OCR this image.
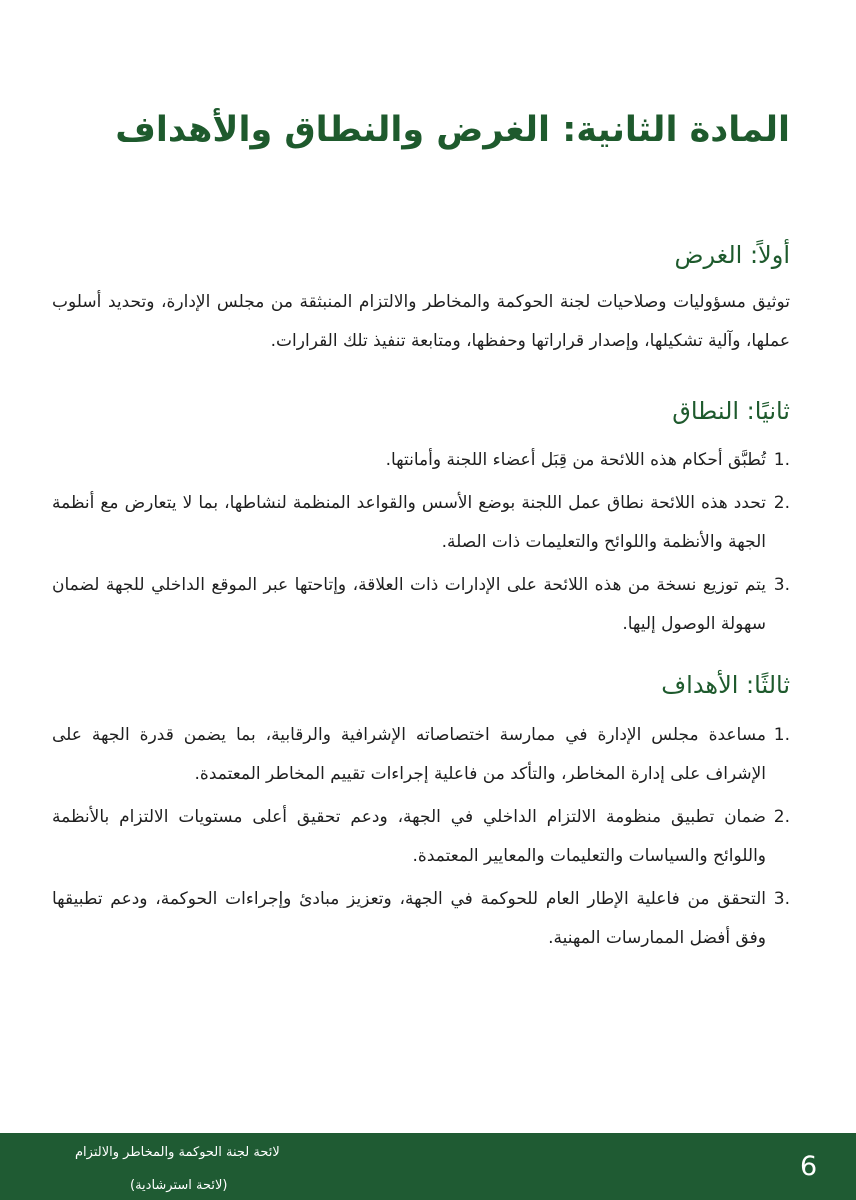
المادة الثانية: الغرض والنطاق والأهداف
أولاً: الغرض

توثيق مسؤوليات وصلاحيات لجنة الحوكمة والمخاطر والالتزام المنبثقة من مجلس الإدارة، وتحديد أسلوب عملها، وآلية تشكيلها، وإصدار قراراتها وحفظها، ومتابعة تنفيذ تلك القرارات.

ثانيًا: النطاق
1.
تُطبَّق أحكام هذه اللائحة من قِبَل أعضاء اللجنة وأمانتها.
2.
تحدد هذه اللائحة نطاق عمل اللجنة بوضع الأسس والقواعد المنظمة لنشاطها، بما لا يتعارض مع أنظمة الجهة والأنظمة واللوائح والتعليمات ذات الصلة.
3.
يتم توزيع نسخة من هذه اللائحة على الإدارات ذات العلاقة، وإتاحتها عبر الموقع الداخلي للجهة لضمان سهولة الوصول إليها.
ثالثًا: الأهداف
1.
مساعدة مجلس الإدارة في ممارسة اختصاصاته الإشرافية والرقابية، بما يضمن قدرة الجهة على الإشراف على إدارة المخاطر، والتأكد من فاعلية إجراءات تقييم المخاطر المعتمدة.
2.
ضمان تطبيق منظومة الالتزام الداخلي في الجهة، ودعم تحقيق أعلى مستويات الالتزام بالأنظمة واللوائح والسياسات والتعليمات والمعايير المعتمدة.
3.
التحقق من فاعلية الإطار العام للحوكمة في الجهة، وتعزيز مبادئ وإجراءات الحوكمة، ودعم تطبيقها وفق أفضل الممارسات المهنية.
لائحة لجنة الحوكمة والمخاطر والالتزام
(لائحة استرشادية)
6
